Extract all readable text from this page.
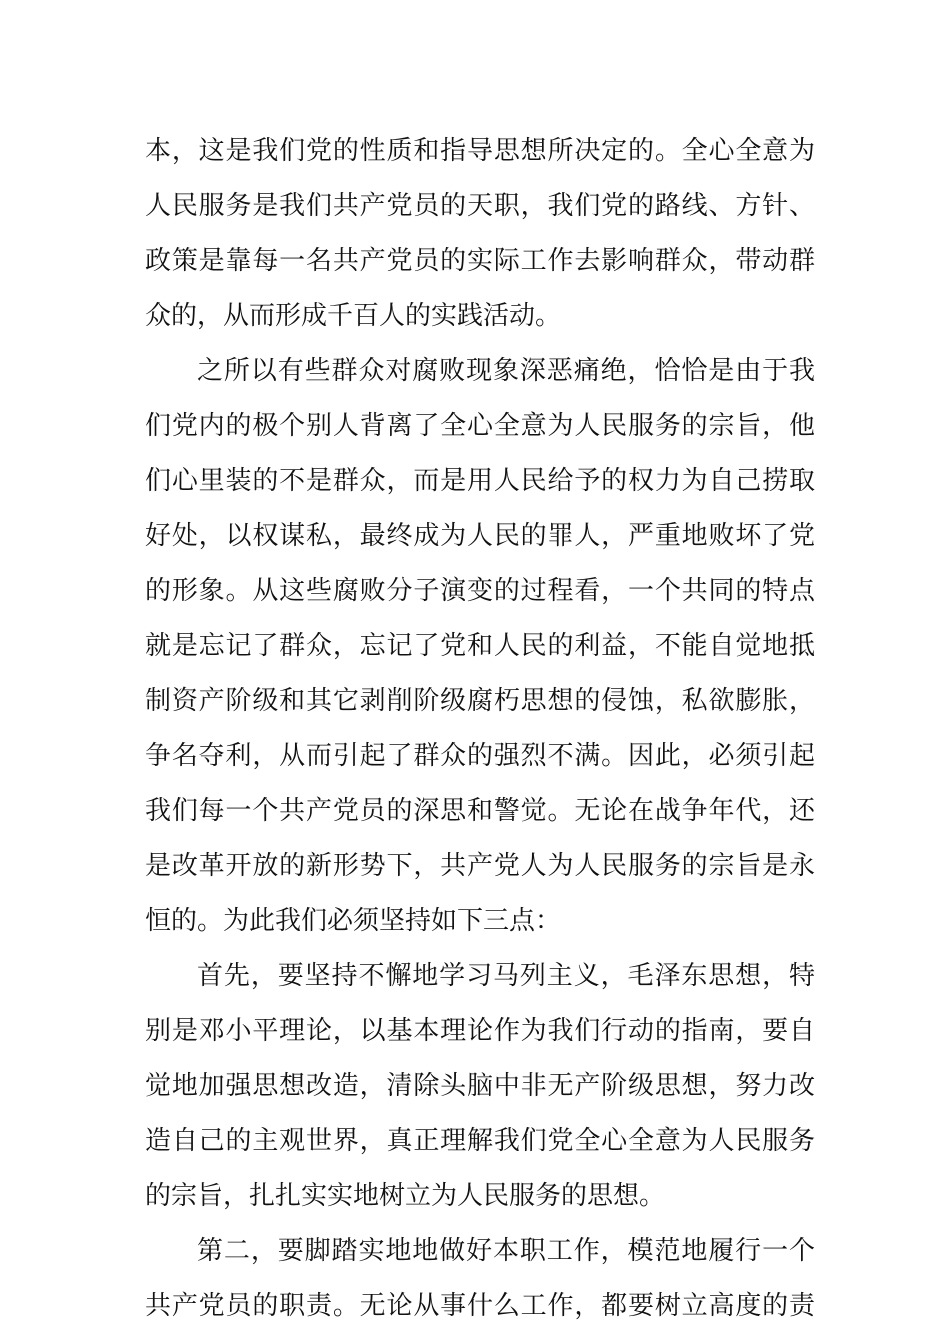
本，这是我们党的性质和指导思想所决定的。全心全意为
人民服务是我们共产党员的天职，我们党的路线、方针、
政策是靠每一名共产党员的实际工作去影响群众，带动群
众的，从而形成千百人的实践活动。
之所以有些群众对腐败现象深恶痛绝，恰恰是由于我
们党内的极个别人背离了全心全意为人民服务的宗旨，他
们心里装的不是群众，而是用人民给予的权力为自己捞取
好处，以权谋私，最终成为人民的罪人，严重地败坏了党
的形象。从这些腐败分子演变的过程看，一个共同的特点
就是忘记了群众，忘记了党和人民的利益，不能自觉地抵
制资产阶级和其它剥削阶级腐朽思想的侵蚀，私欲膨胀，
争名夺利，从而引起了群众的强烈不满。因此，必须引起
我们每一个共产党员的深思和警觉。无论在战争年代，还
是改革开放的新形势下，共产党人为人民服务的宗旨是永
恒的。为此我们必须坚持如下三点：
首先，要坚持不懈地学习马列主义，毛泽东思想，特
别是邓小平理论，以基本理论作为我们行动的指南，要自
觉地加强思想改造，清除头脑中非无产阶级思想，努力改
造自己的主观世界，真正理解我们党全心全意为人民服务
的宗旨，扎扎实实地树立为人民服务的思想。
第二，要脚踏实地地做好本职工作，模范地履行一个
共产党员的职责。无论从事什么工作，都要树立高度的责
